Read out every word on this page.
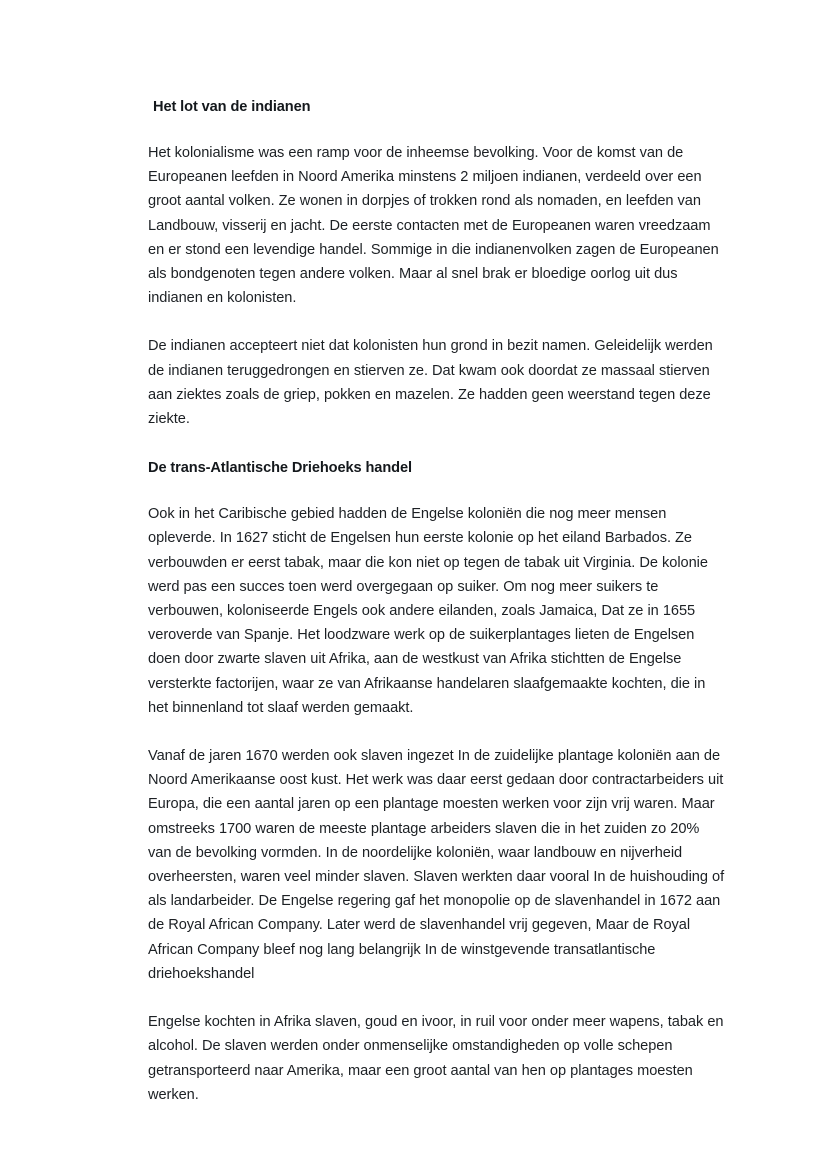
Het lot van de indianen

Het kolonialisme was een ramp voor de inheemse bevolking. Voor de komst van de Europeanen leefden in Noord Amerika minstens 2 miljoen indianen, verdeeld over een groot aantal volken. Ze wonen in dorpjes of trokken rond als nomaden, en leefden van Landbouw, visserij en jacht. De eerste contacten met de Europeanen waren vreedzaam en er stond een levendige handel. Sommige in die indianenvolken zagen de Europeanen als bondgenoten tegen andere volken. Maar al snel brak er bloedige oorlog uit dus indianen en kolonisten.

De indianen accepteert niet dat kolonisten hun grond in bezit namen. Geleidelijk werden de indianen teruggedrongen en stierven ze. Dat kwam ook doordat ze massaal stierven aan ziektes zoals de griep, pokken en mazelen. Ze hadden geen weerstand tegen deze ziekte.

De trans-Atlantische Driehoeks handel

Ook in het Caribische gebied hadden de Engelse koloniën die nog meer mensen opleverde. In 1627 sticht de Engelsen hun eerste kolonie op het eiland Barbados. Ze verbouwden er eerst tabak, maar die kon niet op tegen de tabak uit Virginia. De kolonie werd pas een succes toen werd overgegaan op suiker. Om nog meer suikers te verbouwen, koloniseerde Engels ook andere eilanden, zoals Jamaica, Dat ze in 1655 veroverde van Spanje. Het loodzware werk op de suikerplantages lieten de Engelsen doen door zwarte slaven uit Afrika, aan de westkust van Afrika stichtten de Engelse versterkte factorijen, waar ze van Afrikaanse handelaren slaafgemaakte kochten, die in het binnenland tot slaaf werden gemaakt.

Vanaf de jaren 1670 werden ook slaven ingezet In de zuidelijke plantage koloniën aan de Noord Amerikaanse oost kust. Het werk was daar eerst gedaan door contractarbeiders uit Europa, die een aantal jaren op een plantage moesten werken voor zijn vrij waren. Maar omstreeks 1700 waren de meeste plantage arbeiders slaven die in het zuiden zo 20% van de bevolking vormden. In de noordelijke koloniën, waar landbouw en nijverheid overheersten, waren veel minder slaven. Slaven werkten daar vooral In de huishouding of als landarbeider. De Engelse regering gaf het monopolie op de slavenhandel in 1672 aan de Royal African Company. Later werd de slavenhandel vrij gegeven, Maar de Royal African Company bleef nog lang belangrijk In de winstgevende transatlantische driehoekshandel

Engelse kochten in Afrika slaven, goud en ivoor, in ruil voor onder meer wapens, tabak en alcohol. De slaven werden onder onmenselijke omstandigheden op volle schepen getransporteerd naar Amerika, maar een groot aantal van hen op plantages moesten werken.
